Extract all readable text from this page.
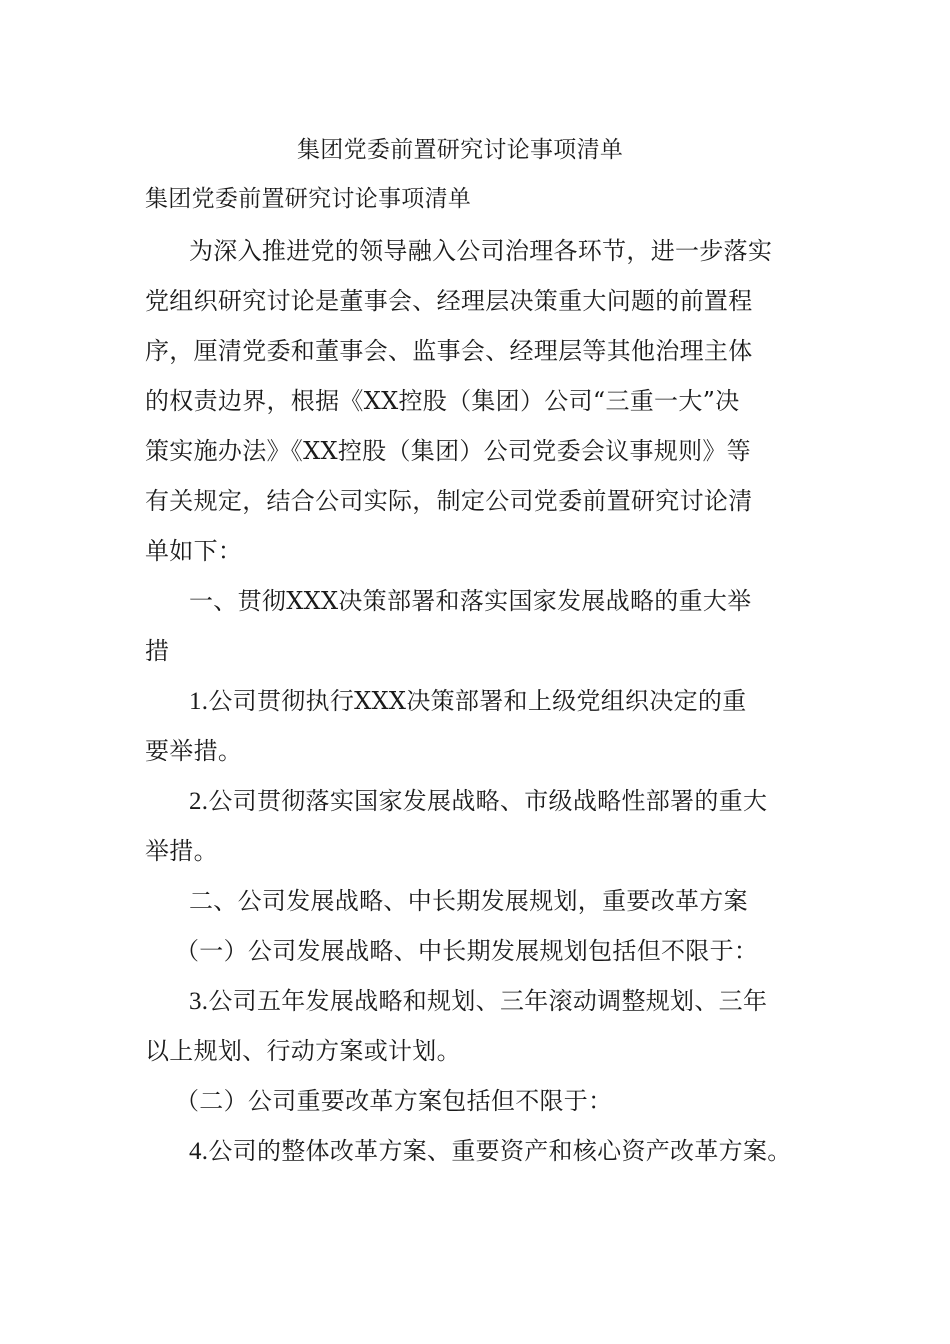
集团党委前置研究讨论事项清单
集团党委前置研究讨论事项清单
为深入推进党的领导融入公司治理各环节，进一步落实
党组织研究讨论是董事会、经理层决策重大问题的前置程
序，厘清党委和董事会、监事会、经理层等其他治理主体
的权责边界，根据《XX控股（集团）公司“三重一大”决
策实施办法》《XX控股（集团）公司党委会议事规则》等
有关规定，结合公司实际，制定公司党委前置研究讨论清
单如下：
一、贯彻XXX决策部署和落实国家发展战略的重大举
措
1.公司贯彻执行XXX决策部署和上级党组织决定的重
要举措。
2.公司贯彻落实国家发展战略、市级战略性部署的重大
举措。
二、公司发展战略、中长期发展规划，重要改革方案
（一）公司发展战略、中长期发展规划包括但不限于：
3.公司五年发展战略和规划、三年滚动调整规划、三年
以上规划、行动方案或计划。
（二）公司重要改革方案包括但不限于：
4.公司的整体改革方案、重要资产和核心资产改革方案。
